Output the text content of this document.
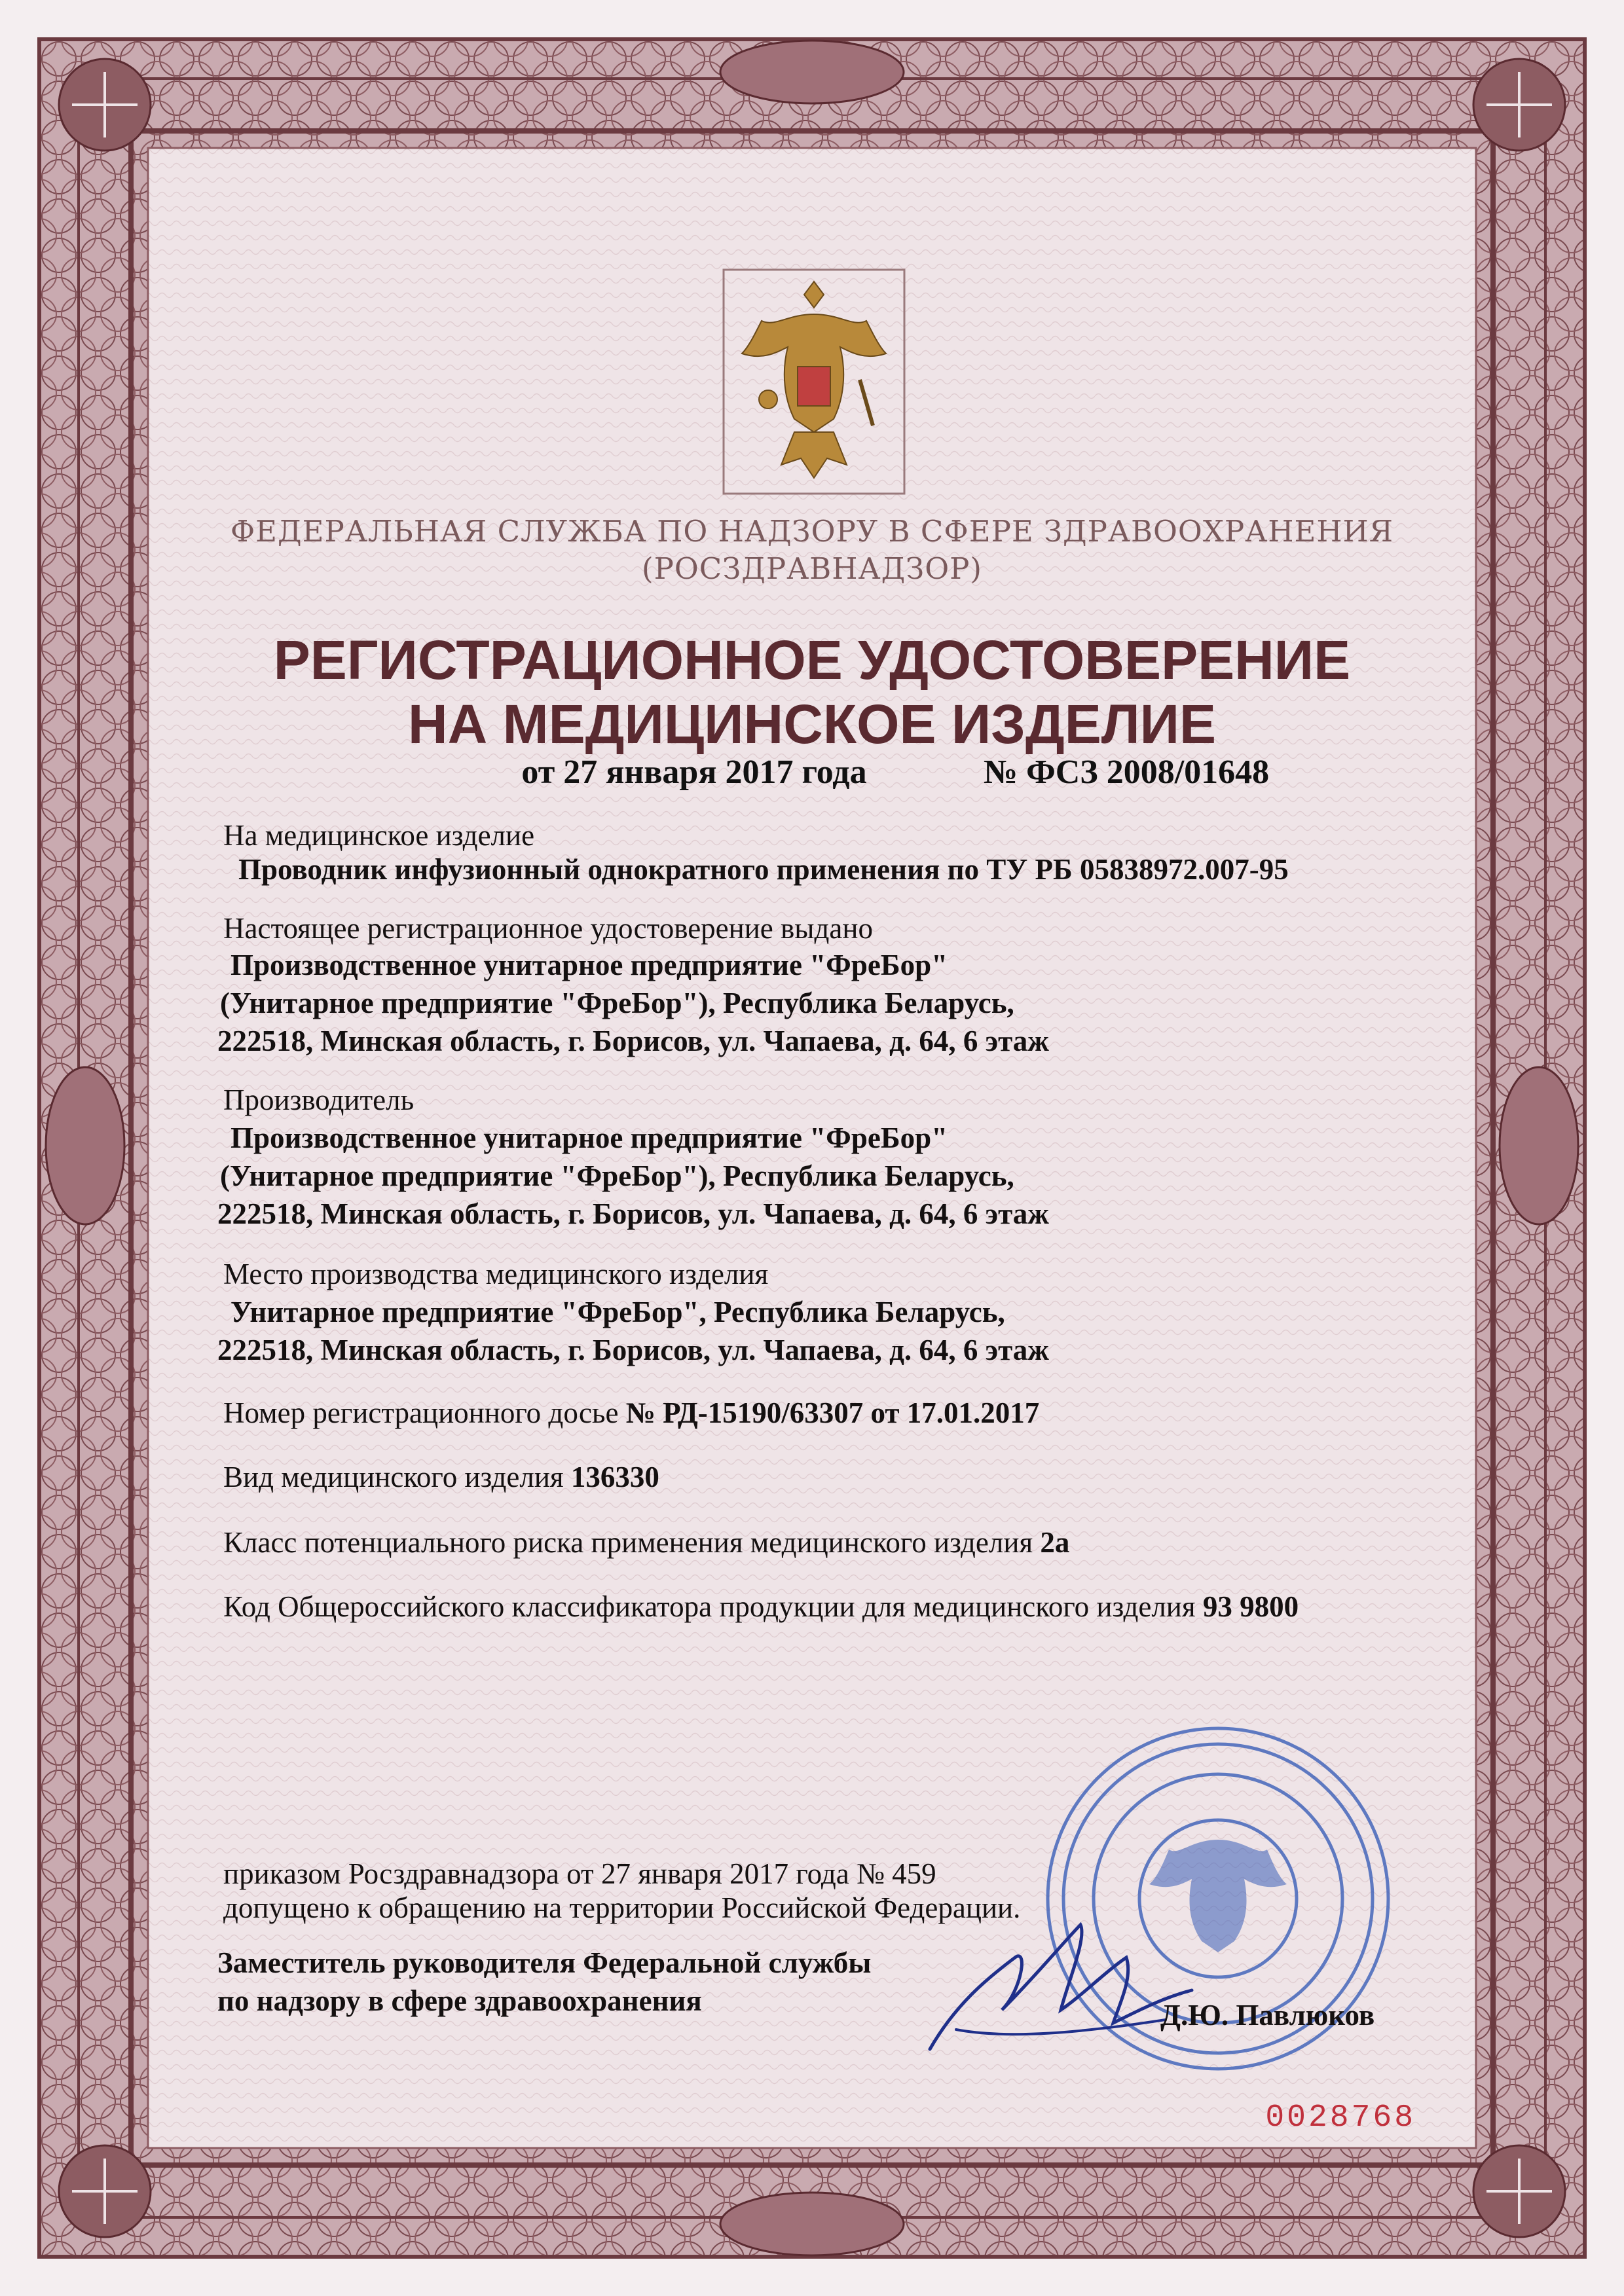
ФЕДЕРАЛЬНАЯ СЛУЖБА ПО НАДЗОРУ В СФЕРЕ ЗДРАВООХРАНЕНИЯ
(РОСЗДРАВНАДЗОР)
РЕГИСТРАЦИОННОЕ УДОСТОВЕРЕНИЕ
НА МЕДИЦИНСКОЕ ИЗДЕЛИЕ
от 27 января 2017 года	№ ФСЗ 2008/01648
На медицинское изделие
Проводник инфузионный однократного применения по ТУ РБ 05838972.007-95
Настоящее регистрационное удостоверение выдано
Производственное унитарное предприятие "ФреБор"
(Унитарное предприятие "ФреБор"), Республика Беларусь,
222518, Минская область, г. Борисов, ул. Чапаева, д. 64, 6 этаж
Производитель
Производственное унитарное предприятие "ФреБор"
(Унитарное предприятие "ФреБор"), Республика Беларусь,
222518, Минская область, г. Борисов, ул. Чапаева, д. 64, 6 этаж
Место производства медицинского изделия
Унитарное предприятие "ФреБор", Республика Беларусь,
222518, Минская область, г. Борисов, ул. Чапаева, д. 64, 6 этаж
Номер регистрационного досье № РД-15190/63307 от 17.01.2017
Вид медицинского изделия 136330
Класс потенциального риска применения медицинского изделия 2а
Код Общероссийского классификатора продукции для медицинского изделия 93 9800
приказом Росздравнадзора от 27 января 2017 года № 459
допущено к обращению на территории Российской Федерации.
Заместитель руководителя Федеральной службы
по надзору в сфере здравоохранения	Д.Ю. Павлюков
0028768
